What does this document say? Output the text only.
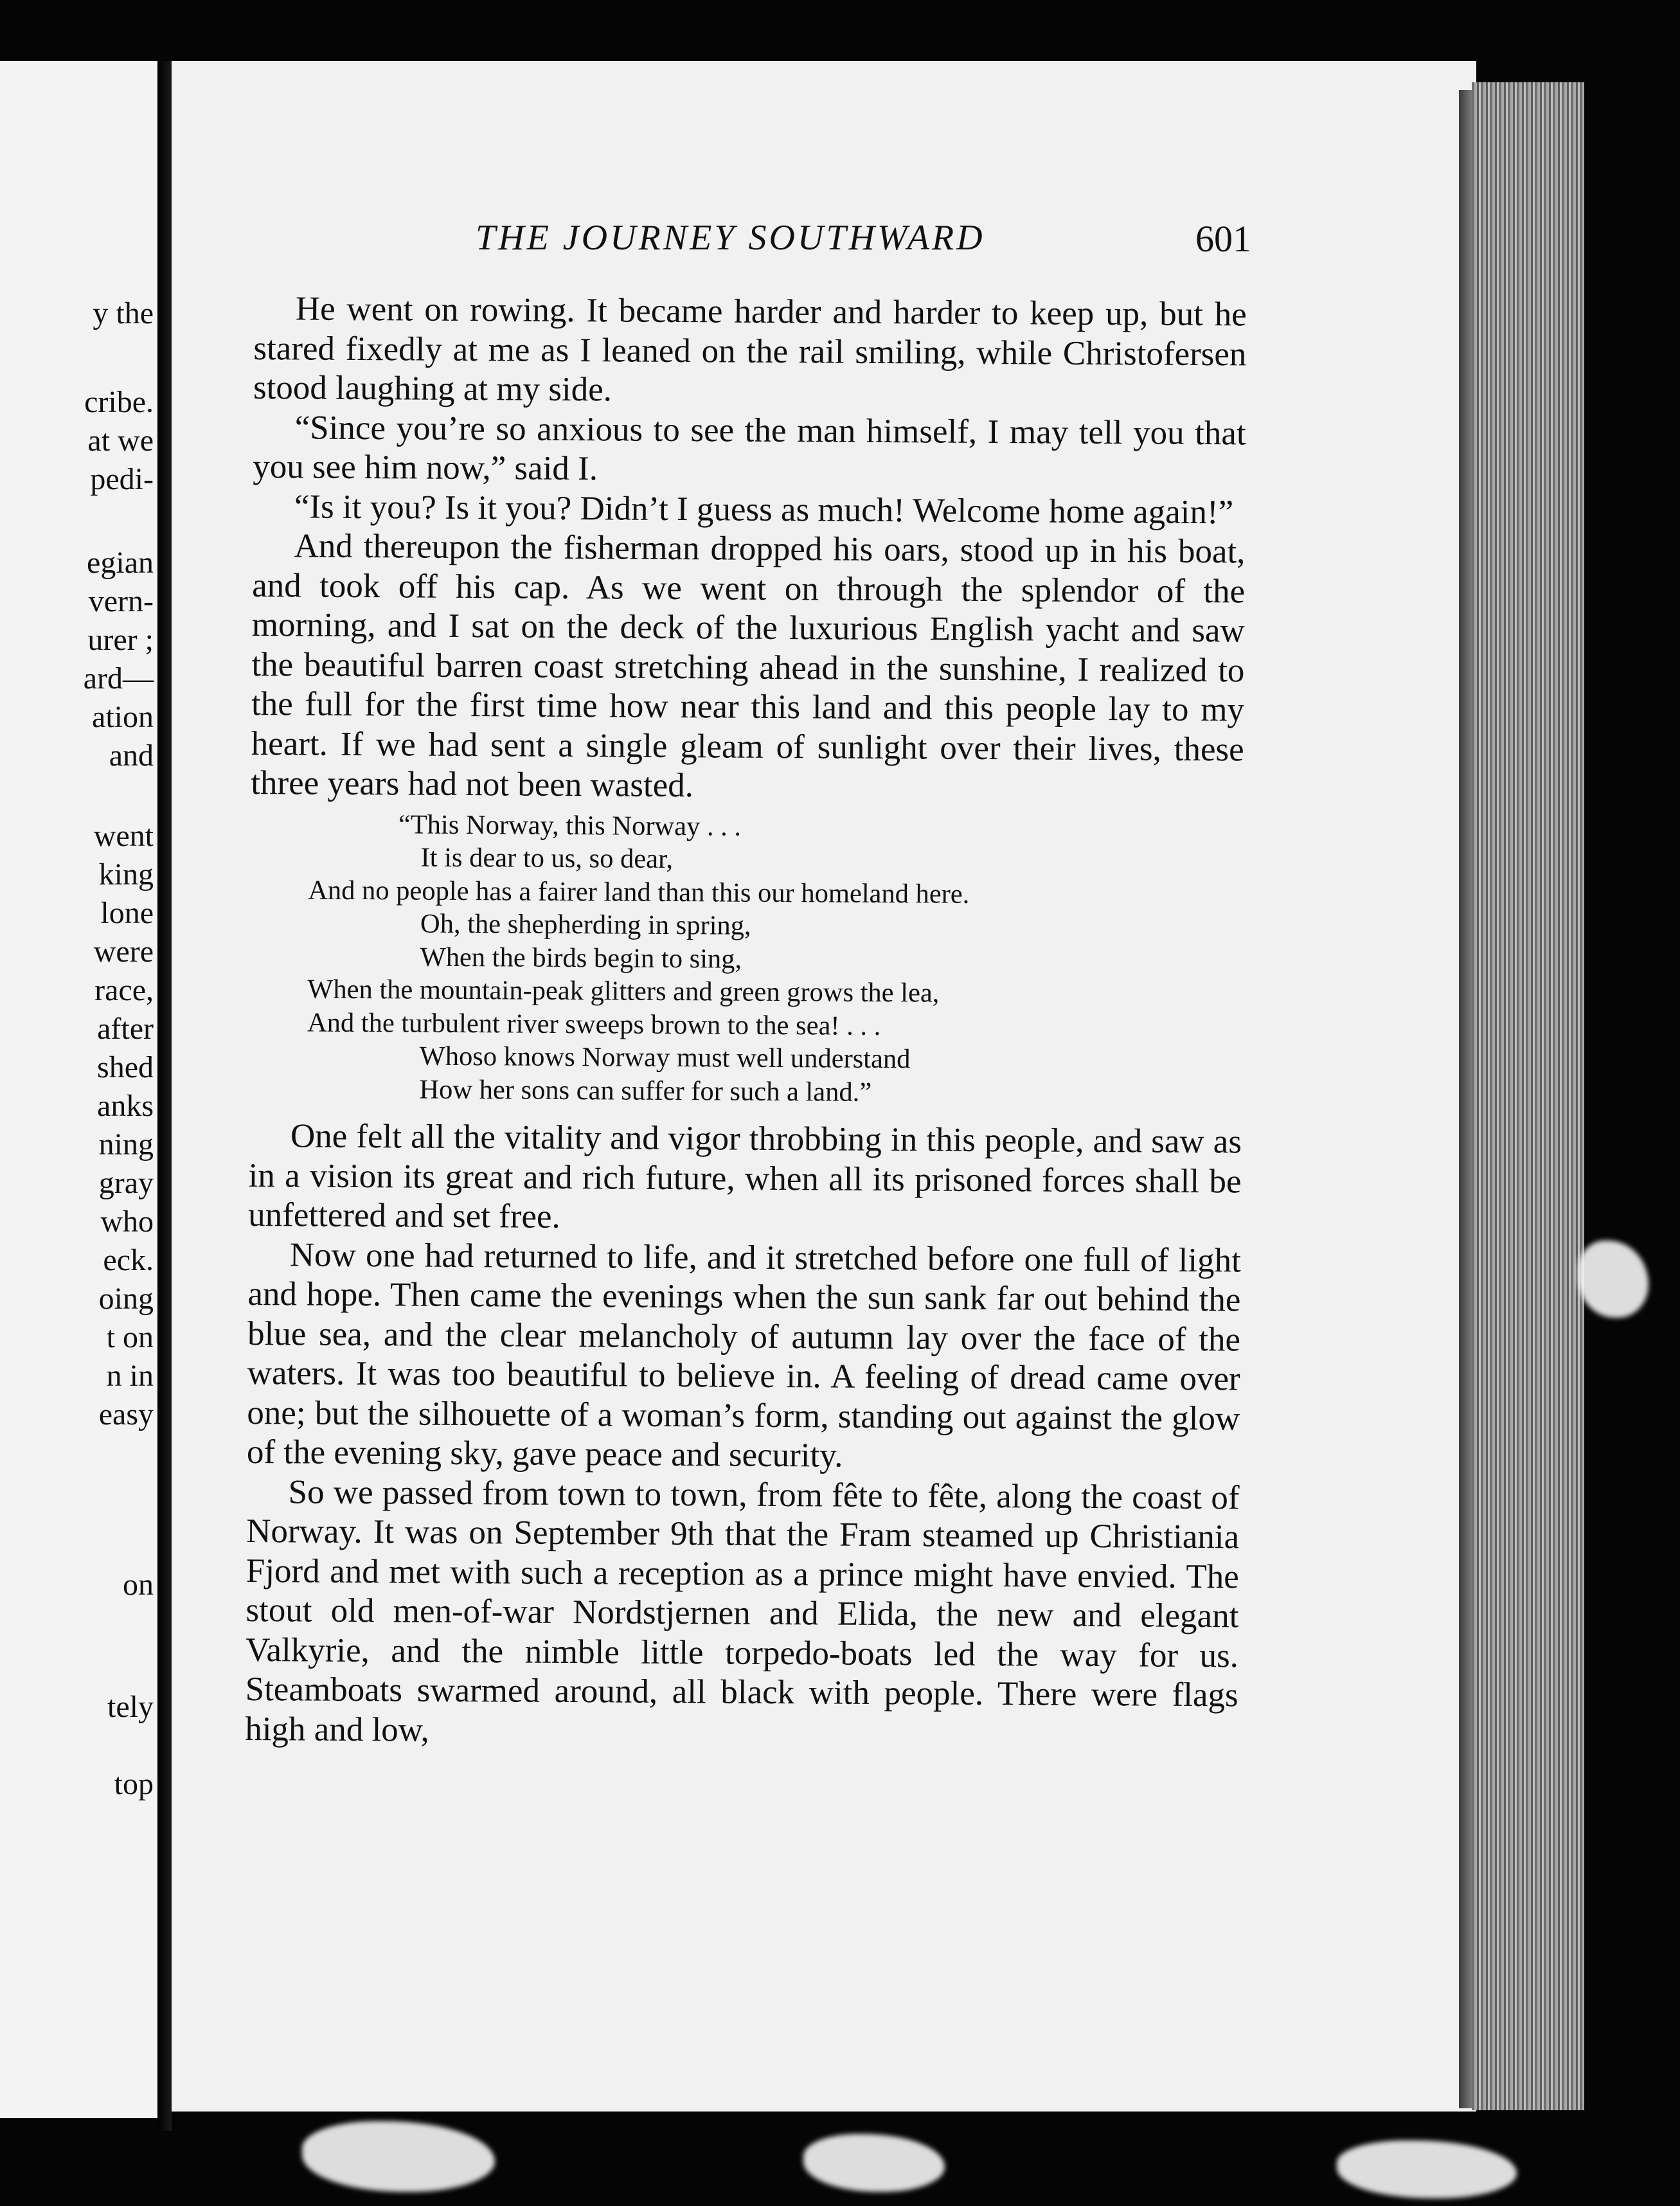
y the
cribe.
at we
pedi-
egian
vern-
urer ;
ard—
ation
and
went
king
lone
were
race,
after
shed
anks
ning
gray
who
eck.
oing
t on
n in
easy
on
tely
top
THE JOURNEY SOUTHWARD	601

He went on rowing. It became harder and harder to keep up, but he stared fixedly at me as I leaned on the rail smiling, while Christofersen stood laughing at my side.

“Since you’re so anxious to see the man himself, I may tell you that you see him now,” said I.

“Is it you? Is it you? Didn’t I guess as much! Welcome home again!”

And thereupon the fisherman dropped his oars, stood up in his boat, and took off his cap. As we went on through the splendor of the morning, and I sat on the deck of the luxurious English yacht and saw the beautiful barren coast stretching ahead in the sunshine, I realized to the full for the first time how near this land and this people lay to my heart. If we had sent a single gleam of sunlight over their lives, these three years had not been wasted.

“This Norway, this Norway . . .
It is dear to us, so dear,
And no people has a fairer land than this our homeland here.
Oh, the shepherding in spring,
When the birds begin to sing,
When the mountain-peak glitters and green grows the lea,
And the turbulent river sweeps brown to the sea! . . .
Whoso knows Norway must well understand
How her sons can suffer for such a land.”

One felt all the vitality and vigor throbbing in this people, and saw as in a vision its great and rich future, when all its prisoned forces shall be unfettered and set free.

Now one had returned to life, and it stretched before one full of light and hope. Then came the evenings when the sun sank far out behind the blue sea, and the clear melancholy of autumn lay over the face of the waters. It was too beautiful to believe in. A feeling of dread came over one; but the silhouette of a woman’s form, standing out against the glow of the evening sky, gave peace and security.

So we passed from town to town, from fête to fête, along the coast of Norway. It was on September 9th that the Fram steamed up Christiania Fjord and met with such a reception as a prince might have envied. The stout old men-of-war Nordstjernen and Elida, the new and elegant Valkyrie, and the nimble little torpedo-boats led the way for us. Steamboats swarmed around, all black with people. There were flags high and low,
